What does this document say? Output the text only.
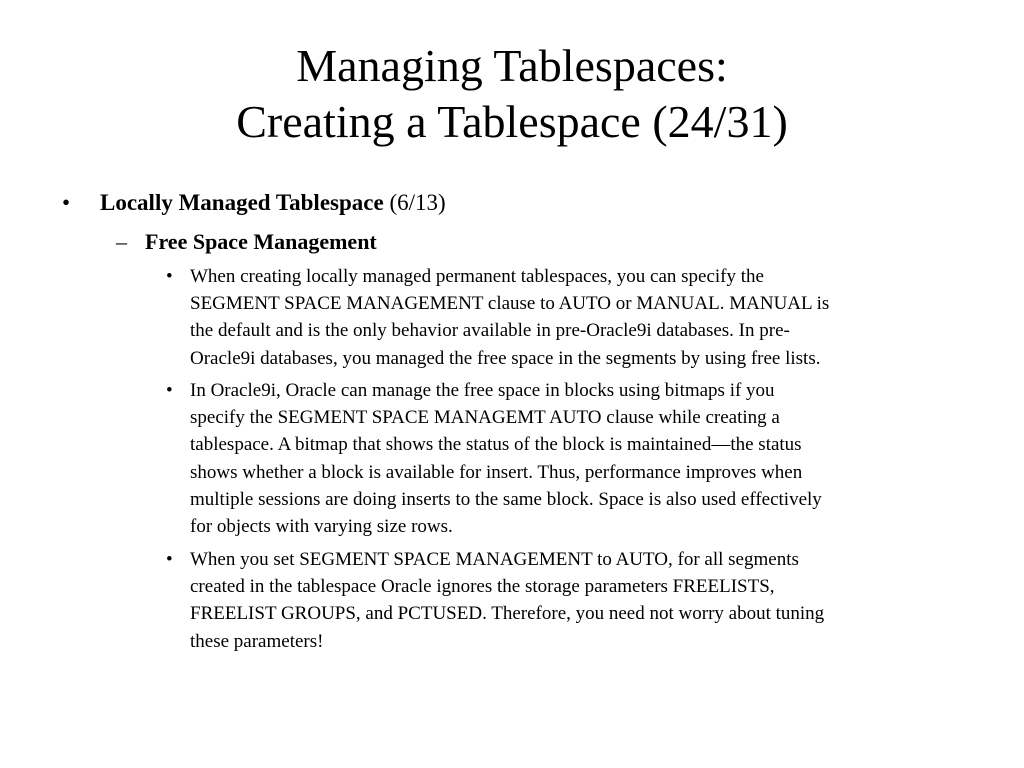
Managing Tablespaces:
Creating a Tablespace (24/31)
• Locally Managed Tablespace (6/13)
– Free Space Management
• When creating locally managed permanent tablespaces, you can specify the
SEGMENT SPACE MANAGEMENT clause to AUTO or MANUAL. MANUAL is
the default and is the only behavior available in pre-Oracle9i databases. In pre-
Oracle9i databases, you managed the free space in the segments by using free lists.
• In Oracle9i, Oracle can manage the free space in blocks using bitmaps if you
specify the SEGMENT SPACE MANAGEMT AUTO clause while creating a
tablespace. A bitmap that shows the status of the block is maintained—the status
shows whether a block is available for insert. Thus, performance improves when
multiple sessions are doing inserts to the same block. Space is also used effectively
for objects with varying size rows.
• When you set SEGMENT SPACE MANAGEMENT to AUTO, for all segments
created in the tablespace Oracle ignores the storage parameters FREELISTS,
FREELIST GROUPS, and PCTUSED. Therefore, you need not worry about tuning
these parameters!
